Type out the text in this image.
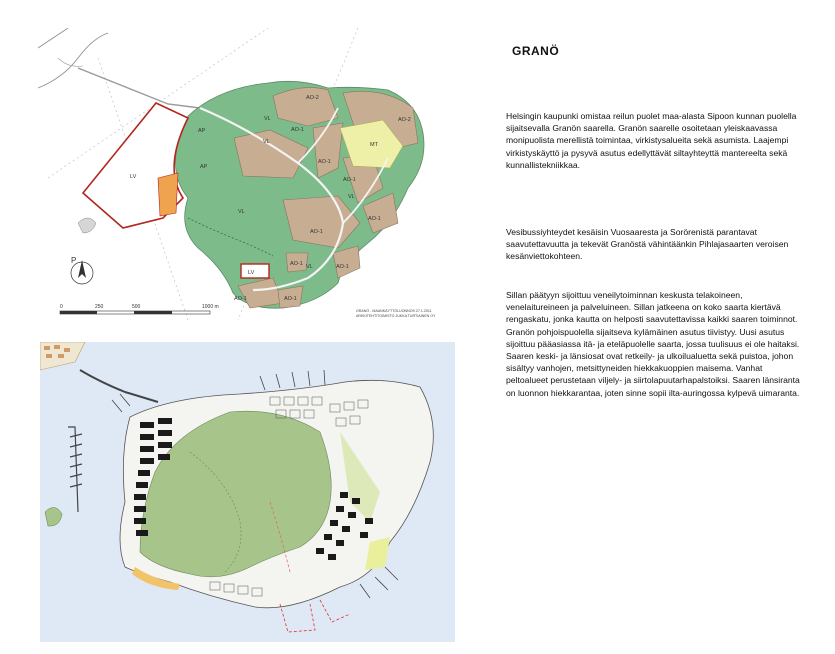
AO-2
AO-2
AP
AP
VL
VL
VL
VL
VL
LV
LV
AO-1
AO-1
AO-1
AO-1
AO-1
AO-1
AO-1
AO-1	AO-1
MT
P
0	250	500	1000 m
GRANÖ - MAANKÄYTTÖLUONNOS 27.1.2011
ARKKITEHTITOIMISTO JUKKA TURTIAINEN OY
GRANÖ

Helsingin kaupunki omistaa reilun puolet maa-alasta Sipoon kunnan puolella sijaitsevalla Granön saarella. Granön saarelle osoitetaan yleiskaavassa monipuolista merellistä toimintaa, virkistysalueita sekä asumista. Laajempi virkistyskäyttö ja pysyvä asutus edellyttävät siltayhteyttä mantereelta sekä kunnallistekniikkaa.

Vesibussiyhteydet kesäisin Vuosaaresta ja Sorörenistä parantavat saavutettavuutta ja tekevät Granöstä vähintäänkin Pihlajasaarten veroisen kesänviettokohteen.

Sillan päätyyn sijoittuu veneilytoiminnan keskusta telakoineen, venelaitureineen ja palveluineen. Sillan jatkeena on koko saarta kiertävä rengaskatu, jonka kautta on helposti saavutettavissa kaikki saaren toiminnot. Granön pohjoispuolella sijaitseva kylämäinen asutus tiivistyy. Uusi asutus sijoittuu pääasiassa itä- ja eteläpuolelle saarta, jossa tuulisuus ei ole haitaksi. Saaren keski- ja länsiosat ovat retkeily- ja ulkoilualuetta sekä puistoa, johon sisältyy vanhojen, metsittyneiden hiekkakuoppien maisema. Vanhat peltoalueet perustetaan viljely- ja siirtolapuutarhapalstoiksi. Saaren länsiranta on luonnon hiekkarantaa, joten sinne sopii ilta-auringossa kylpevä uimaranta.
